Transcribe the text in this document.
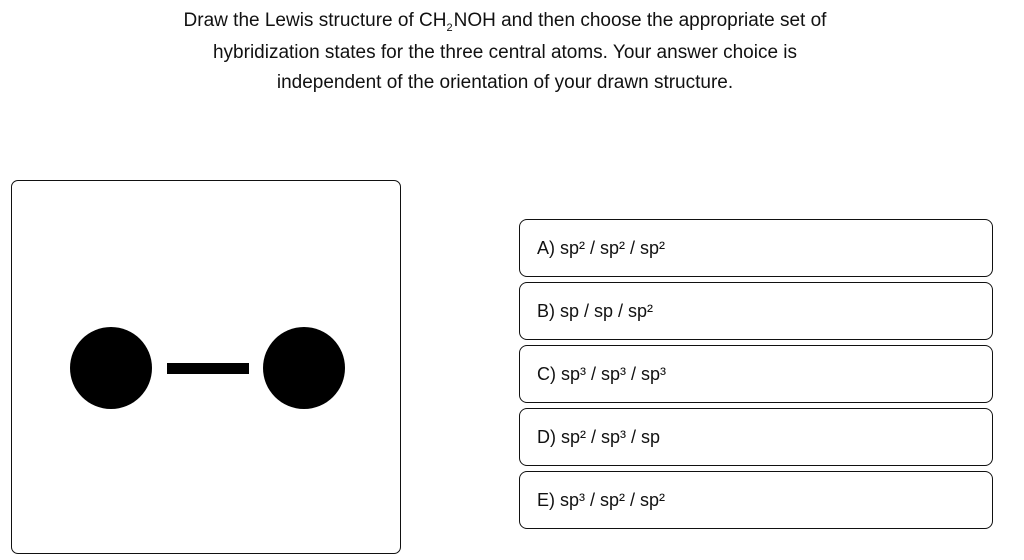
Draw the Lewis structure of $CH_2NOH$ and then choose the appropriate set of
hybridization states for the three central atoms. Your answer choice is
independent of the orientation of your drawn structure.
A) sp² / sp² / sp²
B) sp / sp / sp²
C) sp³ / sp³ / sp³
D) sp² / sp³ / sp
E) sp³ / sp² / sp²
